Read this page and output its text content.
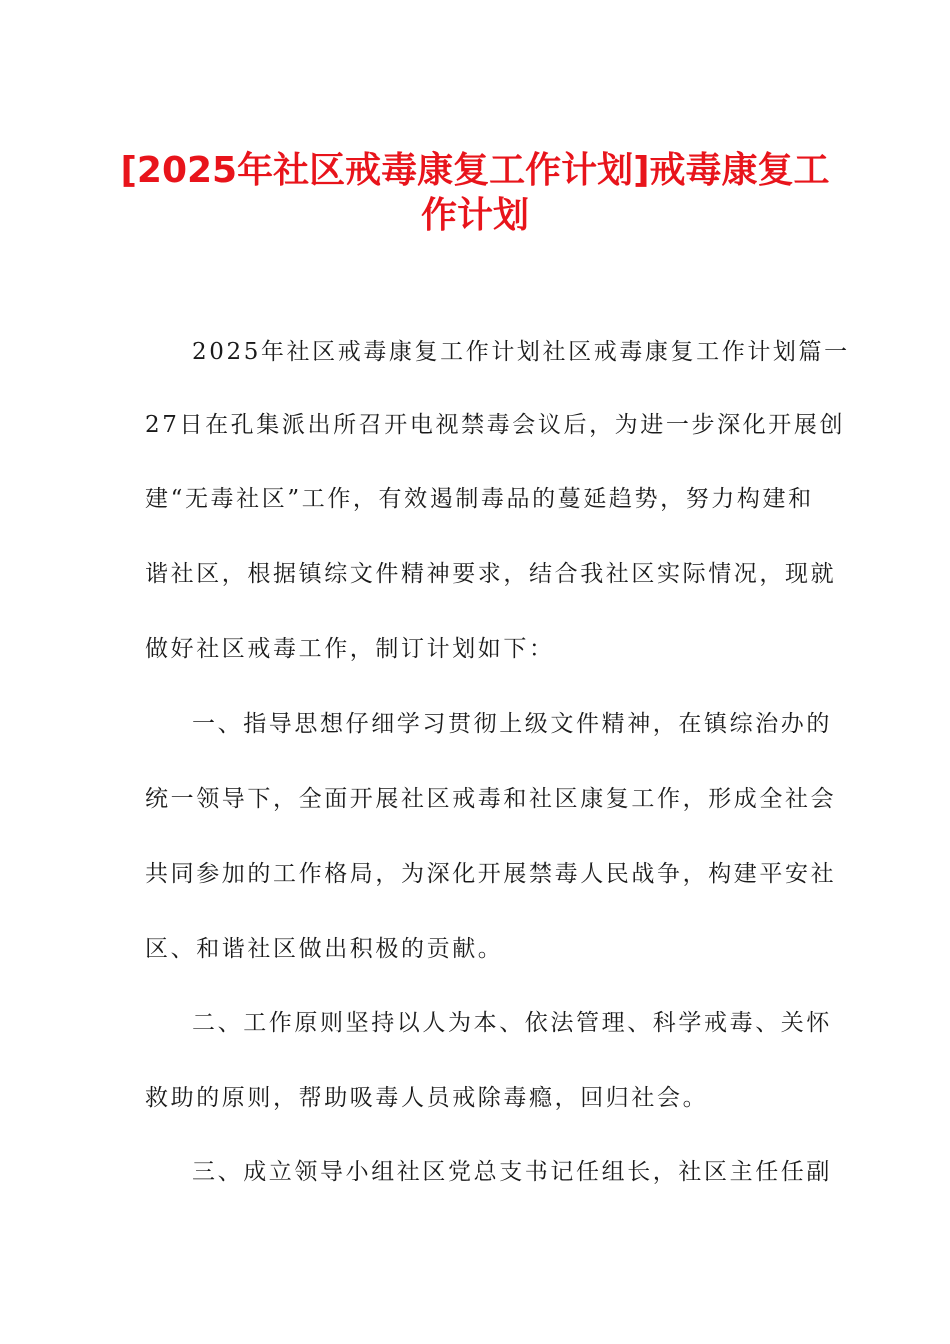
[2025年社区戒毒康复工作计划]戒毒康复工
作计划

2025年社区戒毒康复工作计划社区戒毒康复工作计划篇一

27日在孔集派出所召开电视禁毒会议后，为进一步深化开展创

建“无毒社区”工作，有效遏制毒品的蔓延趋势，努力构建和

谐社区，根据镇综文件精神要求，结合我社区实际情况，现就

做好社区戒毒工作，制订计划如下：

一、指导思想仔细学习贯彻上级文件精神，在镇综治办的

统一领导下，全面开展社区戒毒和社区康复工作，形成全社会

共同参加的工作格局，为深化开展禁毒人民战争，构建平安社

区、和谐社区做出积极的贡献。

二、工作原则坚持以人为本、依法管理、科学戒毒、关怀

救助的原则，帮助吸毒人员戒除毒瘾，回归社会。

三、成立领导小组社区党总支书记任组长，社区主任任副
